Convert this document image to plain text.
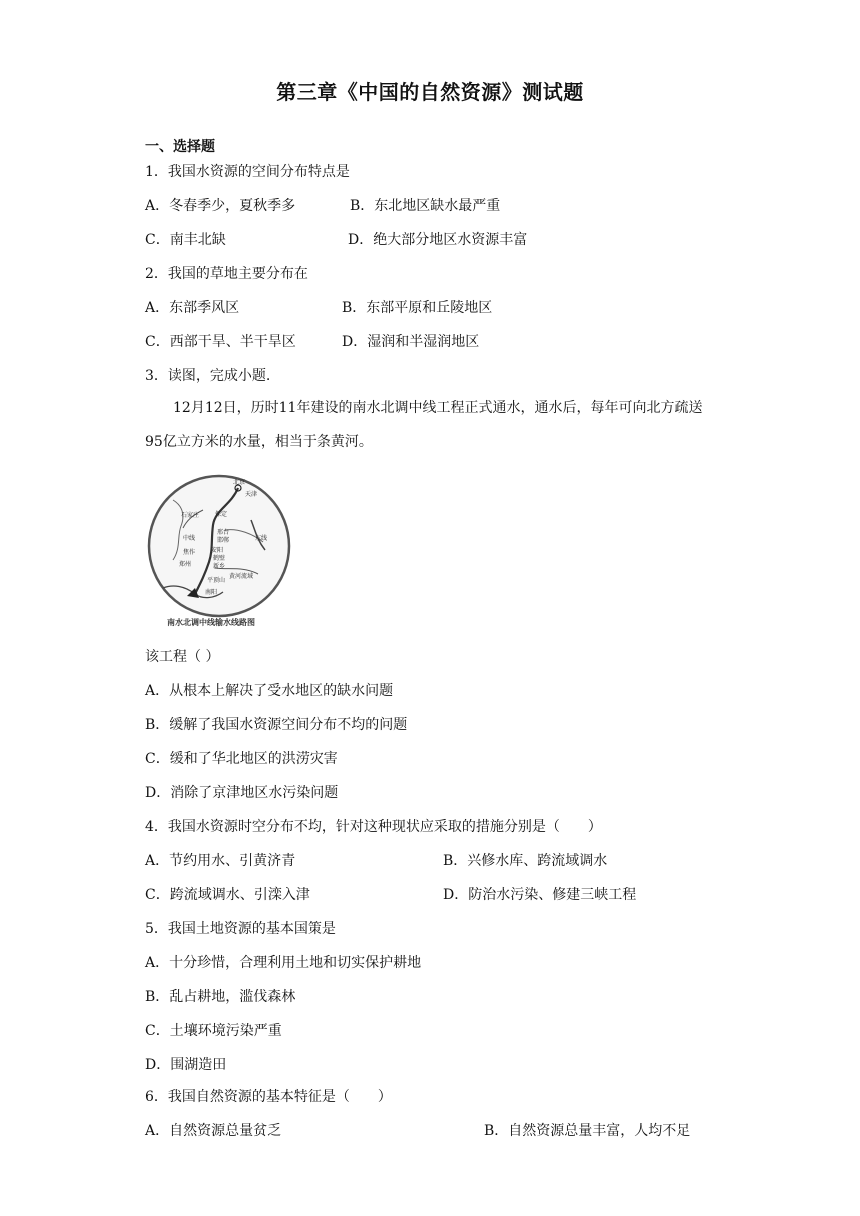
第三章《中国的自然资源》测试题
一、选择题
1．我国水资源的空间分布特点是
A．冬春季少，夏秋季多	B．东北地区缺水最严重
C．南丰北缺	D．绝大部分地区水资源丰富
2．我国的草地主要分布在
A．东部季风区	B．东部平原和丘陵地区
C．西部干旱、半干旱区	D．湿润和半湿润地区
3．读图，完成小题.
12月12日，历时11年建设的南水北调中线工程正式通水，通水后，每年可向北方疏送95亿立方米的水量，相当于条黄河。
北京
天津
石家庄	保定
中线
邢台
邯郸
焦作	安阳
鹤壁
新乡
郑州
黄河流域
平顶山
南阳
东线
南水北调中线输水线路图
该工程（ ）
A．从根本上解决了受水地区的缺水问题
B．缓解了我国水资源空间分布不均的问题
C．缓和了华北地区的洪涝灾害
D．消除了京津地区水污染问题
4．我国水资源时空分布不均，针对这种现状应采取的措施分别是（　　）
A．节约用水、引黄济青	B．兴修水库、跨流域调水
C．跨流域调水、引滦入津	D．防治水污染、修建三峡工程
5．我国土地资源的基本国策是
A．十分珍惜，合理利用土地和切实保护耕地
B．乱占耕地，滥伐森林
C．土壤环境污染严重
D．围湖造田
6．我国自然资源的基本特征是（　　）
A．自然资源总量贫乏	B．自然资源总量丰富，人均不足
